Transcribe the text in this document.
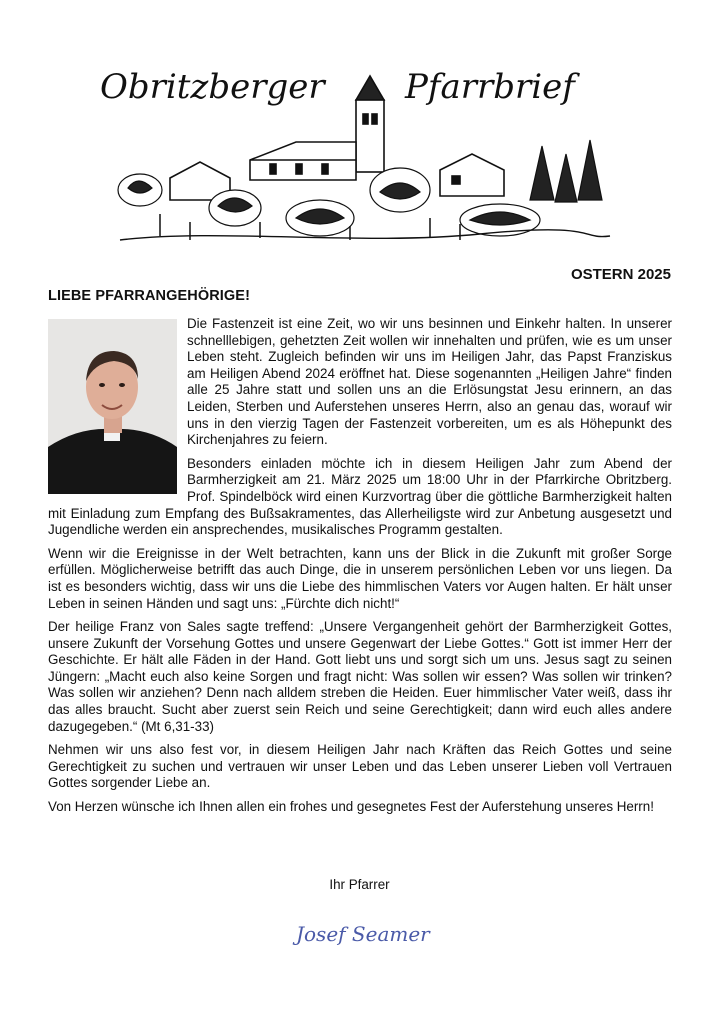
Obritzberger Pfarrbrief
OSTERN 2025
LIEBE PFARRANGEHÖRIGE!

Die Fastenzeit ist eine Zeit, wo wir uns besinnen und Einkehr halten. In unserer schnelllebigen, gehetzten Zeit wollen wir innehalten und prüfen, wie es um unser Leben steht. Zugleich befinden wir uns im Heiligen Jahr, das Papst Franziskus am Heiligen Abend 2024 eröffnet hat. Diese sogenannten „Heiligen Jahre“ finden alle 25 Jahre statt und sollen uns an die Erlösungstat Jesu erinnern, an das Leiden, Sterben und Auferstehen unseres Herrn, also an genau das, worauf wir uns in den vierzig Tagen der Fastenzeit vorbereiten, um es als Höhepunkt des Kirchenjahres zu feiern.

Besonders einladen möchte ich in diesem Heiligen Jahr zum Abend der Barmherzigkeit am 21. März 2025 um 18:00 Uhr in der Pfarrkirche Obritzberg. Prof. Spindelböck wird einen Kurzvortrag über die göttliche Barmherzigkeit halten mit Einladung zum Empfang des Bußsakramentes, das Allerheiligste wird zur Anbetung ausgesetzt und Jugendliche werden ein ansprechendes, musikalisches Programm gestalten.

Wenn wir die Ereignisse in der Welt betrachten, kann uns der Blick in die Zukunft mit großer Sorge erfüllen. Möglicherweise betrifft das auch Dinge, die in unserem persönlichen Leben vor uns liegen. Da ist es besonders wichtig, dass wir uns die Liebe des himmlischen Vaters vor Augen halten. Er hält unser Leben in seinen Händen und sagt uns: „Fürchte dich nicht!“

Der heilige Franz von Sales sagte treffend: „Unsere Vergangenheit gehört der Barmherzigkeit Gottes, unsere Zukunft der Vorsehung Gottes und unsere Gegenwart der Liebe Gottes.“ Gott ist immer Herr der Geschichte. Er hält alle Fäden in der Hand. Gott liebt uns und sorgt sich um uns. Jesus sagt zu seinen Jüngern: „Macht euch also keine Sorgen und fragt nicht: Was sollen wir essen? Was sollen wir trinken? Was sollen wir anziehen? Denn nach alldem streben die Heiden. Euer himmlischer Vater weiß, dass ihr das alles braucht. Sucht aber zuerst sein Reich und seine Gerechtigkeit; dann wird euch alles andere dazugegeben.“ (Mt 6,31-33)

Nehmen wir uns also fest vor, in diesem Heiligen Jahr nach Kräften das Reich Gottes und seine Gerechtigkeit zu suchen und vertrauen wir unser Leben und das Leben unserer Lieben voll Vertrauen Gottes sorgender Liebe an.

Von Herzen wünsche ich Ihnen allen ein frohes und gesegnetes Fest der Auferstehung unseres Herrn!

Ihr Pfarrer
Josef Seamer
